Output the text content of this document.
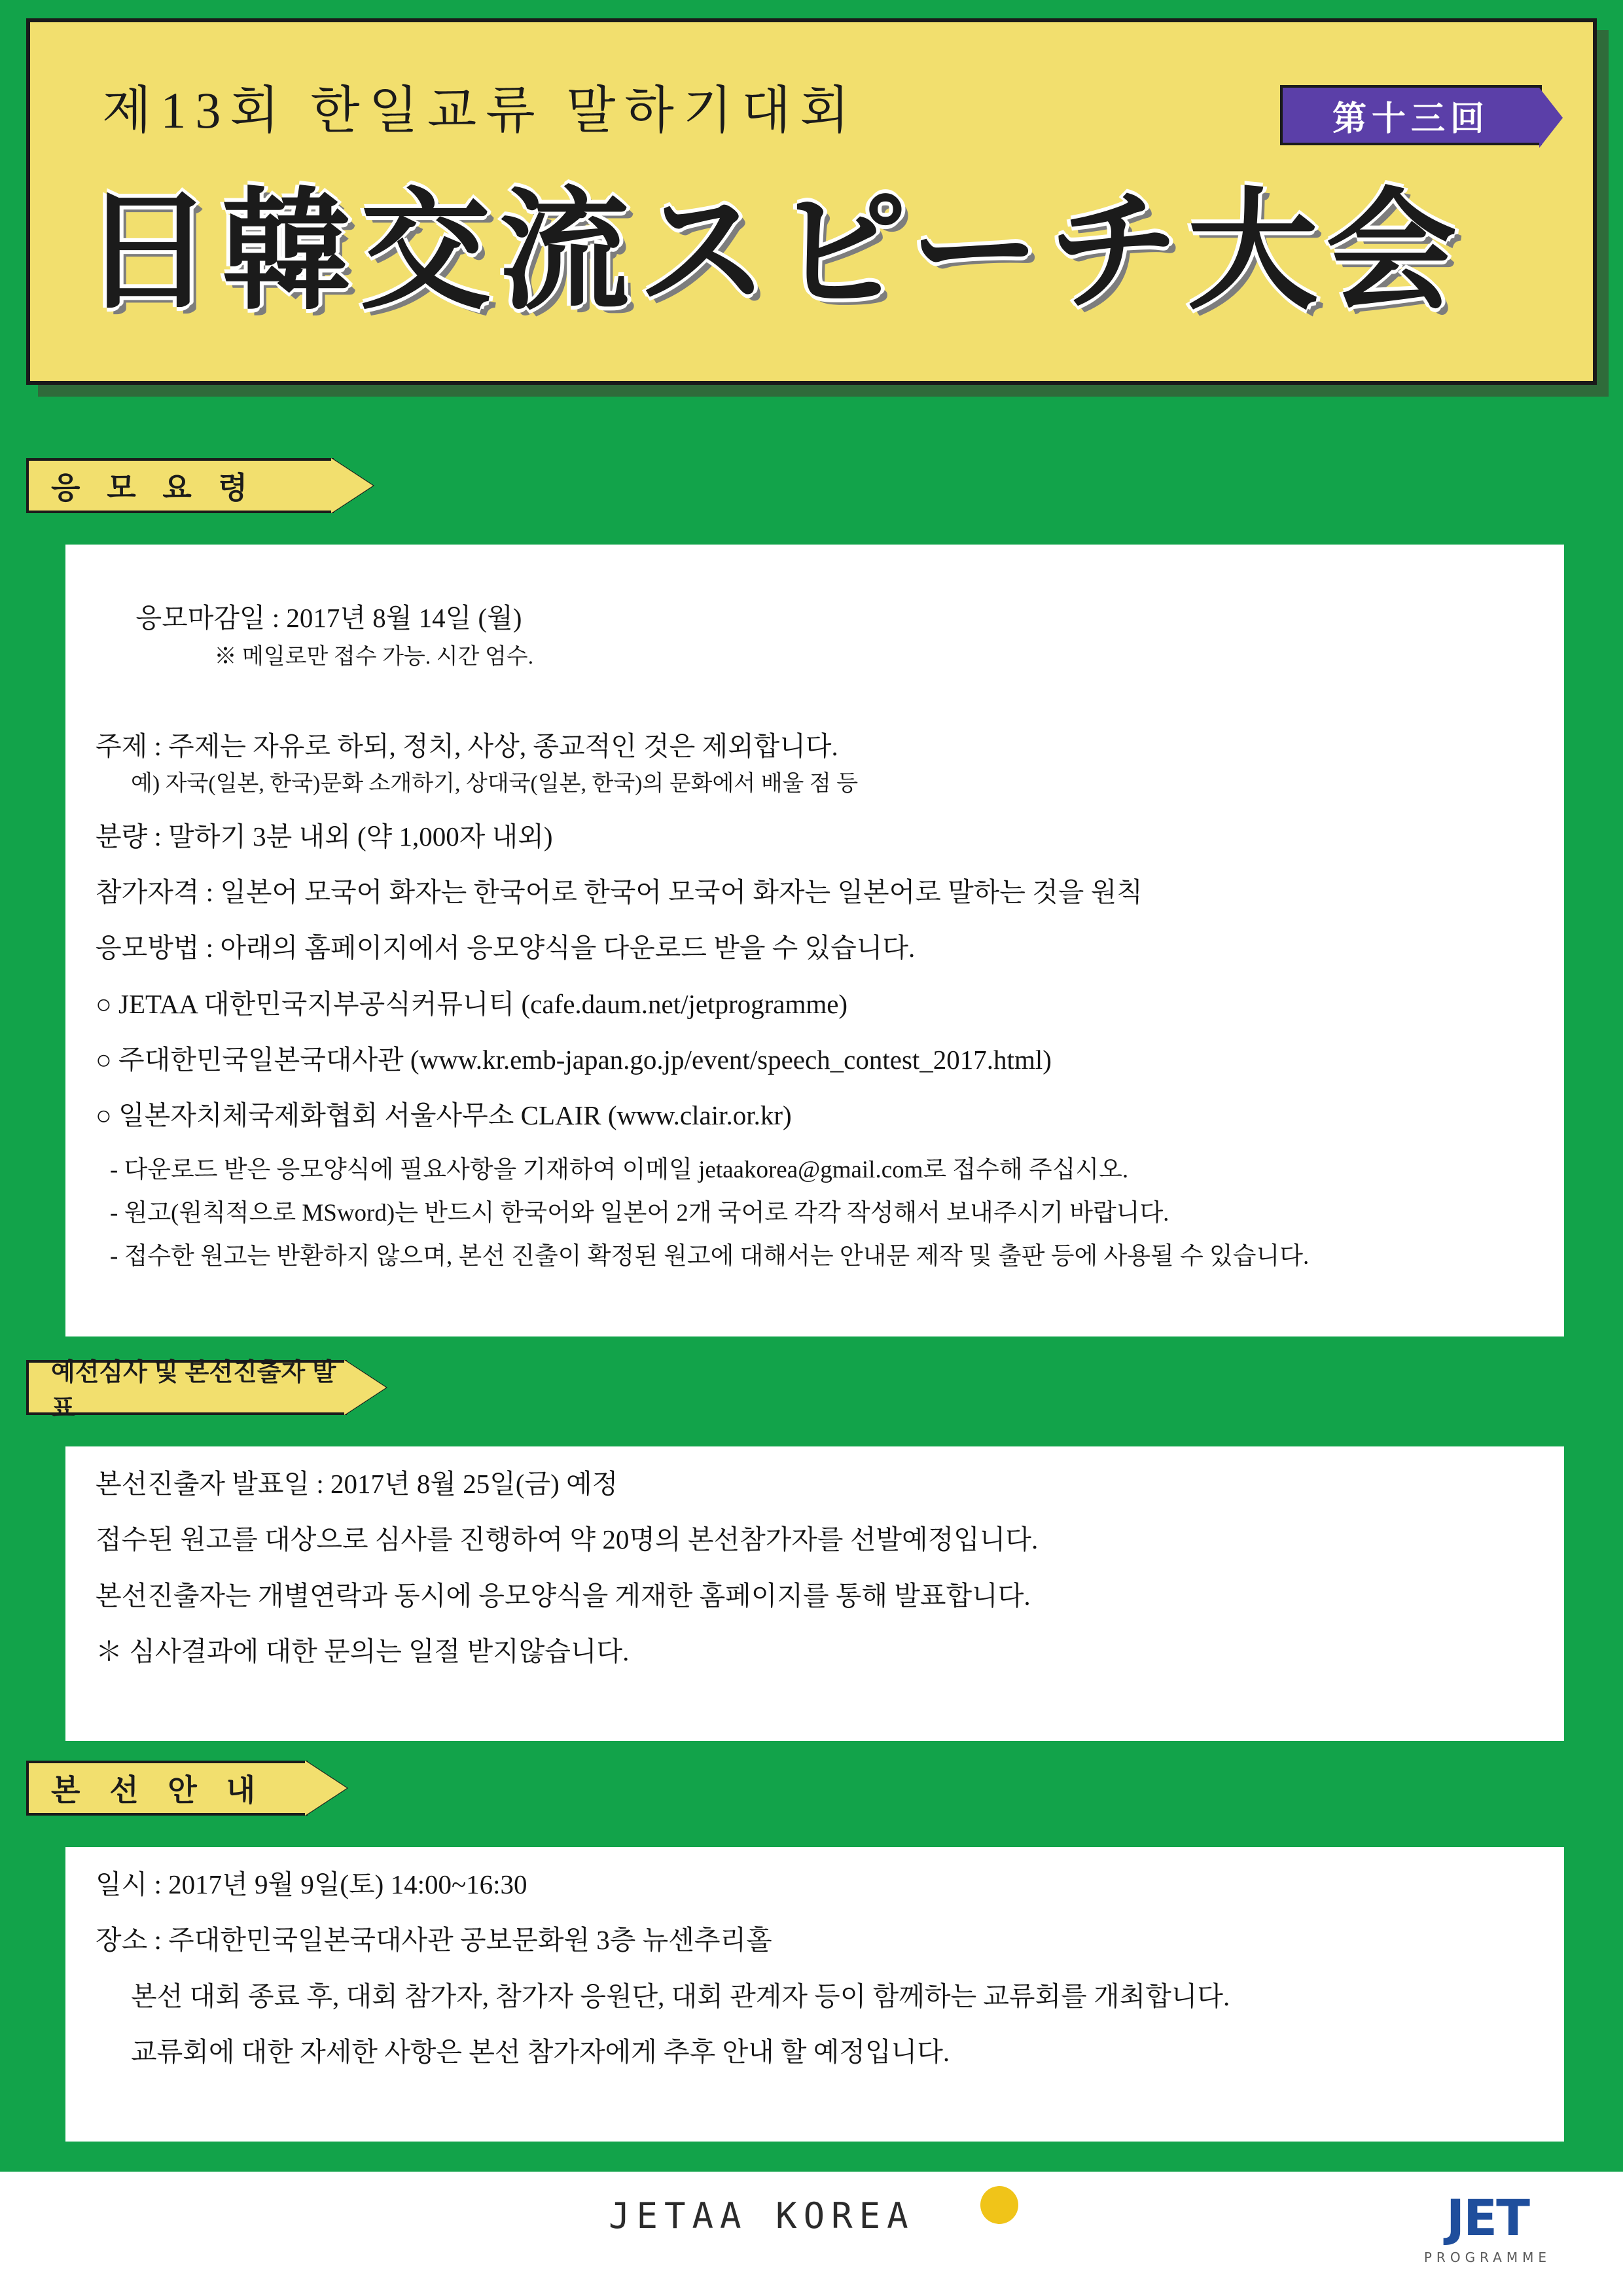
제13회 한일교류 말하기대회
日韓交流スピーチ大会
第十三回
응 모 요 령

응모마감일 : 2017년 8월 14일 (월)
※ 메일로만 접수 가능. 시간 엄수.

주제 : 주제는 자유로 하되, 정치, 사상, 종교적인 것은 제외합니다.

예) 자국(일본, 한국)문화 소개하기, 상대국(일본, 한국)의 문화에서 배울 점 등

분량 : 말하기 3분 내외 (약 1,000자 내외)

참가자격 : 일본어 모국어 화자는 한국어로 한국어 모국어 화자는 일본어로 말하는 것을 원칙

응모방법 : 아래의 홈페이지에서 응모양식을 다운로드 받을 수 있습니다.

○ JETAA 대한민국지부공식커뮤니티 (cafe.daum.net/jetprogramme)

○ 주대한민국일본국대사관 (www.kr.emb-japan.go.jp/event/speech_contest_2017.html)

○ 일본자치체국제화협회 서울사무소 CLAIR (www.clair.or.kr)

- 다운로드 받은 응모양식에 필요사항을 기재하여 이메일 jetaakorea@gmail.com로 접수해 주십시오.

- 원고(원칙적으로 MSword)는 반드시 한국어와 일본어 2개 국어로 각각 작성해서 보내주시기 바랍니다.

- 접수한 원고는 반환하지 않으며, 본선 진출이 확정된 원고에 대해서는 안내문 제작 및 출판 등에 사용될 수 있습니다.

예선심사 및 본선진출자 발표

본선진출자 발표일 : 2017년 8월 25일(금) 예정

접수된 원고를 대상으로 심사를 진행하여 약 20명의 본선참가자를 선발예정입니다.

본선진출자는 개별연락과 동시에 응모양식을 게재한 홈페이지를 통해 발표합니다.

＊ 심사결과에 대한 문의는 일절 받지않습니다.

본 선 안 내

일시 : 2017년 9월 9일(토) 14:00~16:30

장소 : 주대한민국일본국대사관 공보문화원 3층 뉴센추리홀

본선 대회 종료 후, 대회 참가자, 참가자 응원단, 대회 관계자 등이 함께하는 교류회를 개최합니다.

교류회에 대한 자세한 사항은 본선 참가자에게 추후 안내 할 예정입니다.

JETAA KOREA	JET
PROGRAMME
